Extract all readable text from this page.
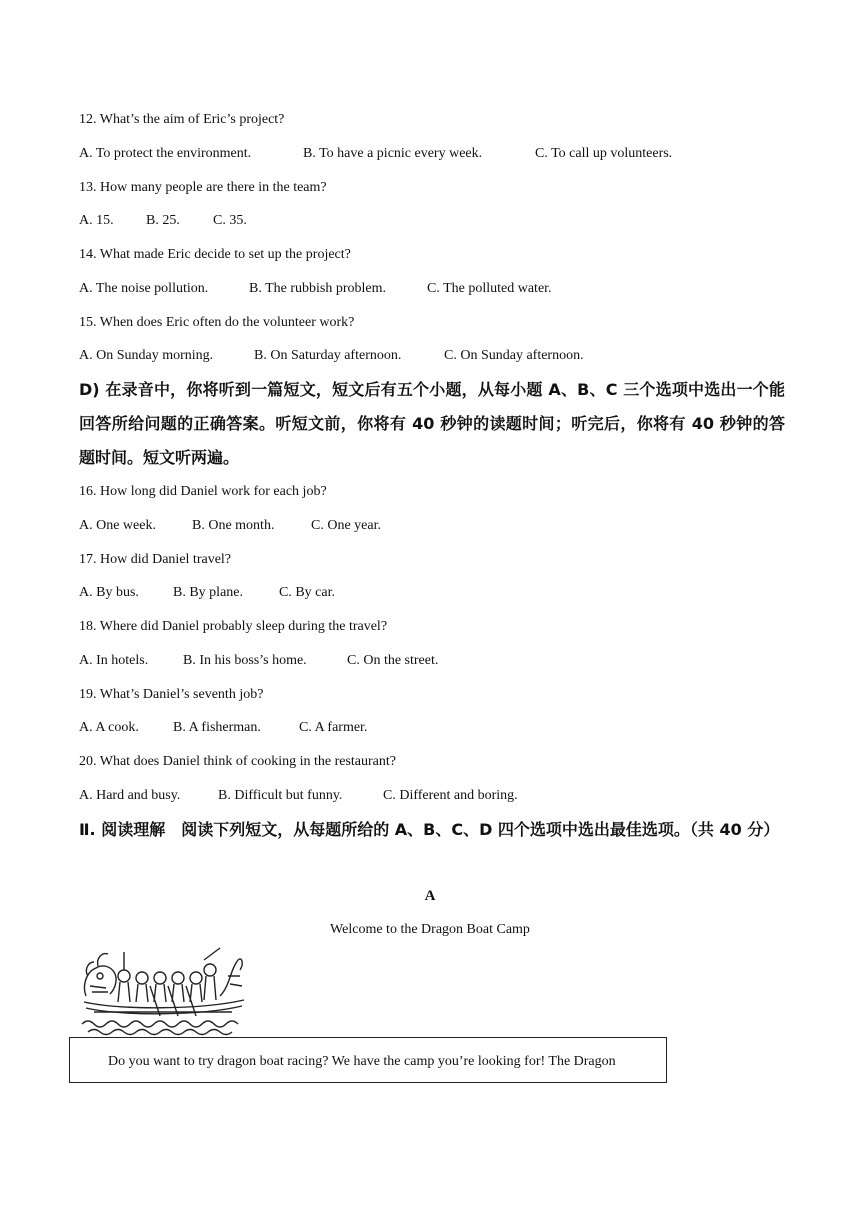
12. What’s the aim of Eric’s project?
A. To protect the environment.	B. To have a picnic every week.	C. To call up volunteers.
13. How many people are there in the team?
A. 15. B. 25. C. 35.
14. What made Eric decide to set up the project?
A. The noise pollution.	B. The rubbish problem.	C. The polluted water.
15. When does Eric often do the volunteer work?
A. On Sunday morning.	B. On Saturday afternoon.	C. On Sunday afternoon.
D) 在录音中，你将听到一篇短文，短文后有五个小题，从每小题 A、B、C 三个选项中选出一个能回答所给问题的正确答案。听短文前，你将有 40 秒钟的读题时间；听完后，你将有 40 秒钟的答题时间。短文听两遍。
16. How long did Daniel work for each job?
A. One week.	B. One month.	C. One year.
17. How did Daniel travel?
A. By bus. B. By plane.	C. By car.
18. Where did Daniel probably sleep during the travel?
A. In hotels. B. In his boss’s home.	C. On the street.
19. What’s Daniel’s seventh job?
A. A cook. B. A fisherman.	C. A farmer.
20. What does Daniel think of cooking in the restaurant?
A. Hard and busy.	B. Difficult but funny.	C. Different and boring.
Ⅱ. 阅读理解　阅读下列短文，从每题所给的 A、B、C、D 四个选项中选出最佳选项。（共 40 分）
A
Welcome to the Dragon Boat Camp
Do you want to try dragon boat racing? We have the camp you’re looking for! The Dragon
